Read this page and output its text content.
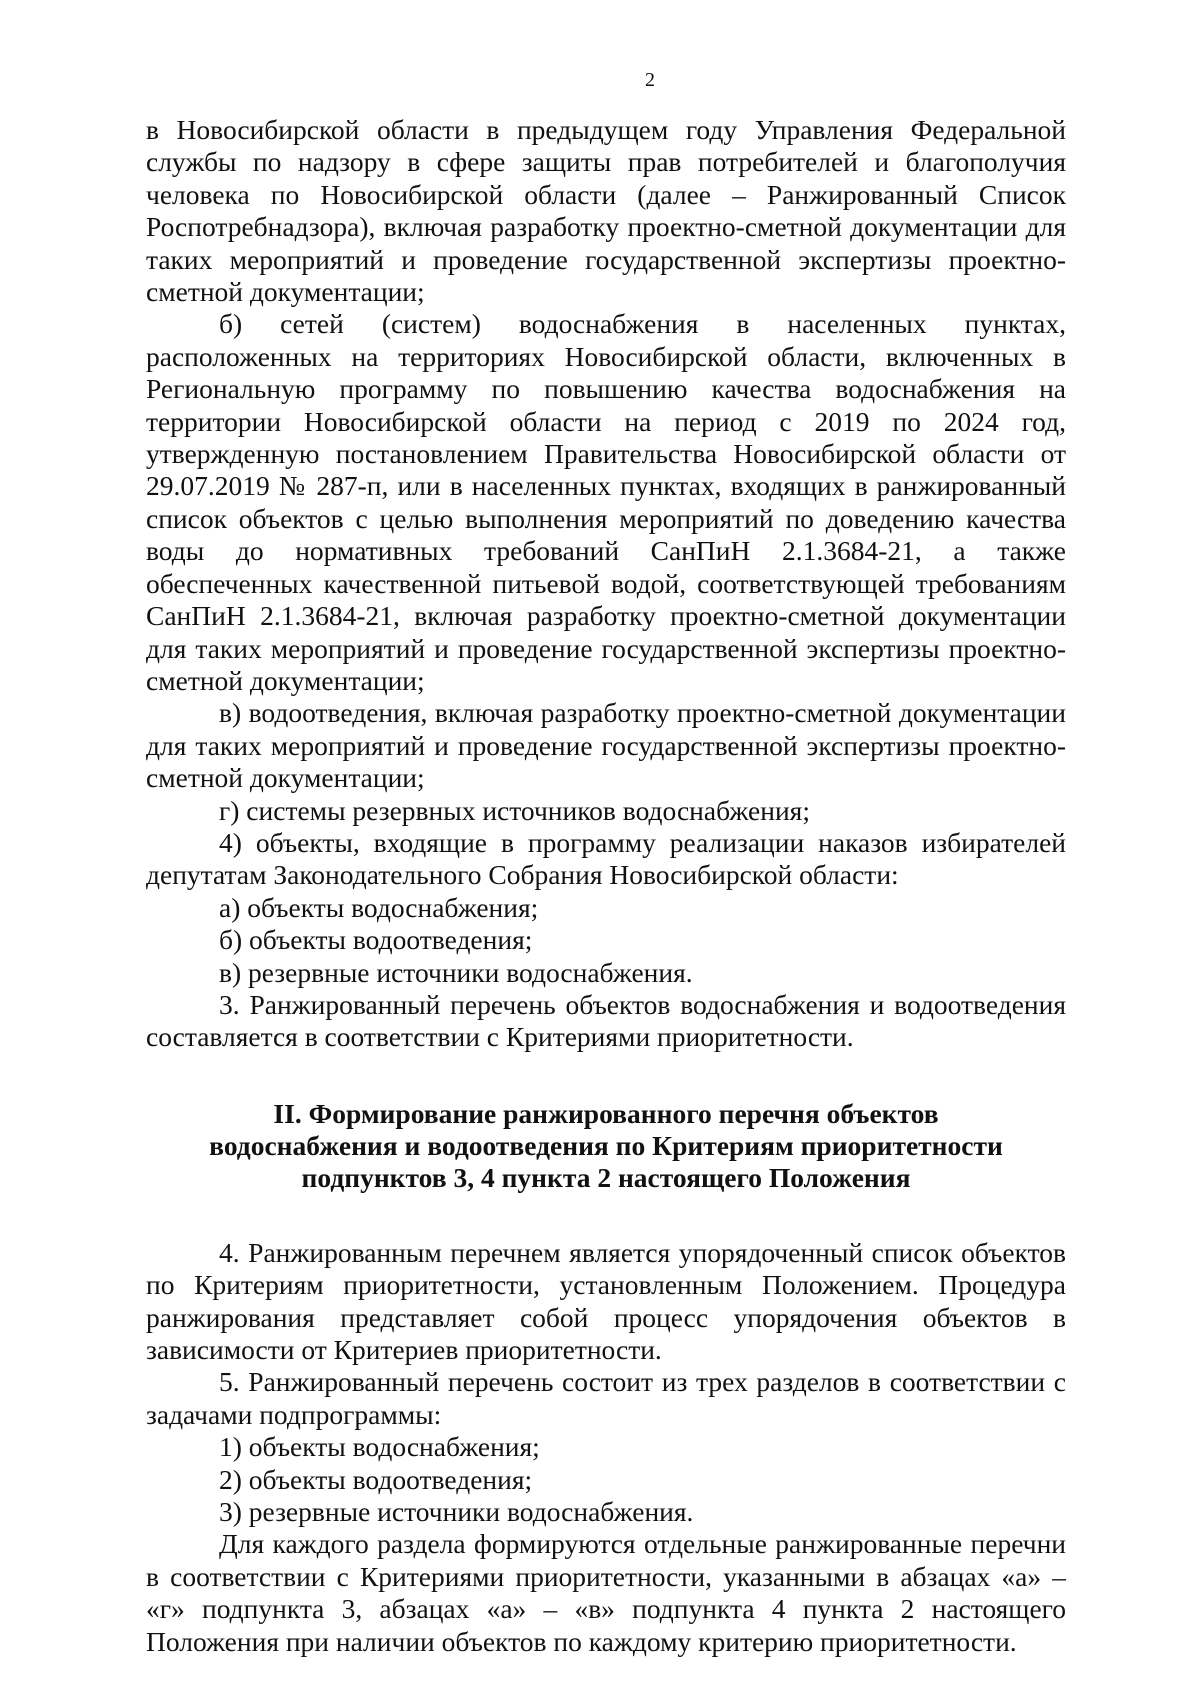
2

в Новосибирской области в предыдущем году Управления Федеральной службы по надзору в сфере защиты прав потребителей и благополучия человека по Новосибирской области (далее – Ранжированный Список Роспотребнадзора), включая разработку проектно-сметной документации для таких мероприятий и проведение государственной экспертизы проектно-сметной документации;

б) сетей (систем) водоснабжения в населенных пунктах, расположенных на территориях Новосибирской области, включенных в Региональную программу по повышению качества водоснабжения на территории Новосибирской области на период с 2019 по 2024 год, утвержденную постановлением Правительства Новосибирской области от 29.07.2019 № 287-п, или в населенных пунктах, входящих в ранжированный список объектов с целью выполнения мероприятий по доведению качества воды до нормативных требований СанПиН 2.1.3684-21, а также обеспеченных качественной питьевой водой, соответствующей требованиям СанПиН 2.1.3684-21, включая разработку проектно-сметной документации для таких мероприятий и проведение государственной экспертизы проектно-сметной документации;

в) водоотведения, включая разработку проектно-сметной документации для таких мероприятий и проведение государственной экспертизы проектно-сметной документации;

г) системы резервных источников водоснабжения;

4) объекты, входящие в программу реализации наказов избирателей депутатам Законодательного Собрания Новосибирской области:

а) объекты водоснабжения;

б) объекты водоотведения;

в) резервные источники водоснабжения.

3. Ранжированный перечень объектов водоснабжения и водоотведения составляется в соответствии с Критериями приоритетности.

II. Формирование ранжированного перечня объектов
водоснабжения и водоотведения по Критериям приоритетности
подпунктов 3, 4 пункта 2 настоящего Положения

4. Ранжированным перечнем является упорядоченный список объектов по Критериям приоритетности, установленным Положением. Процедура ранжирования представляет собой процесс упорядочения объектов в зависимости от Критериев приоритетности.

5. Ранжированный перечень состоит из трех разделов в соответствии с задачами подпрограммы:

1) объекты водоснабжения;

2) объекты водоотведения;

3) резервные источники водоснабжения.

Для каждого раздела формируются отдельные ранжированные перечни в соответствии с Критериями приоритетности, указанными в абзацах «а» – «г» подпункта 3, абзацах «а» – «в» подпункта 4 пункта 2 настоящего Положения при наличии объектов по каждому критерию приоритетности.
